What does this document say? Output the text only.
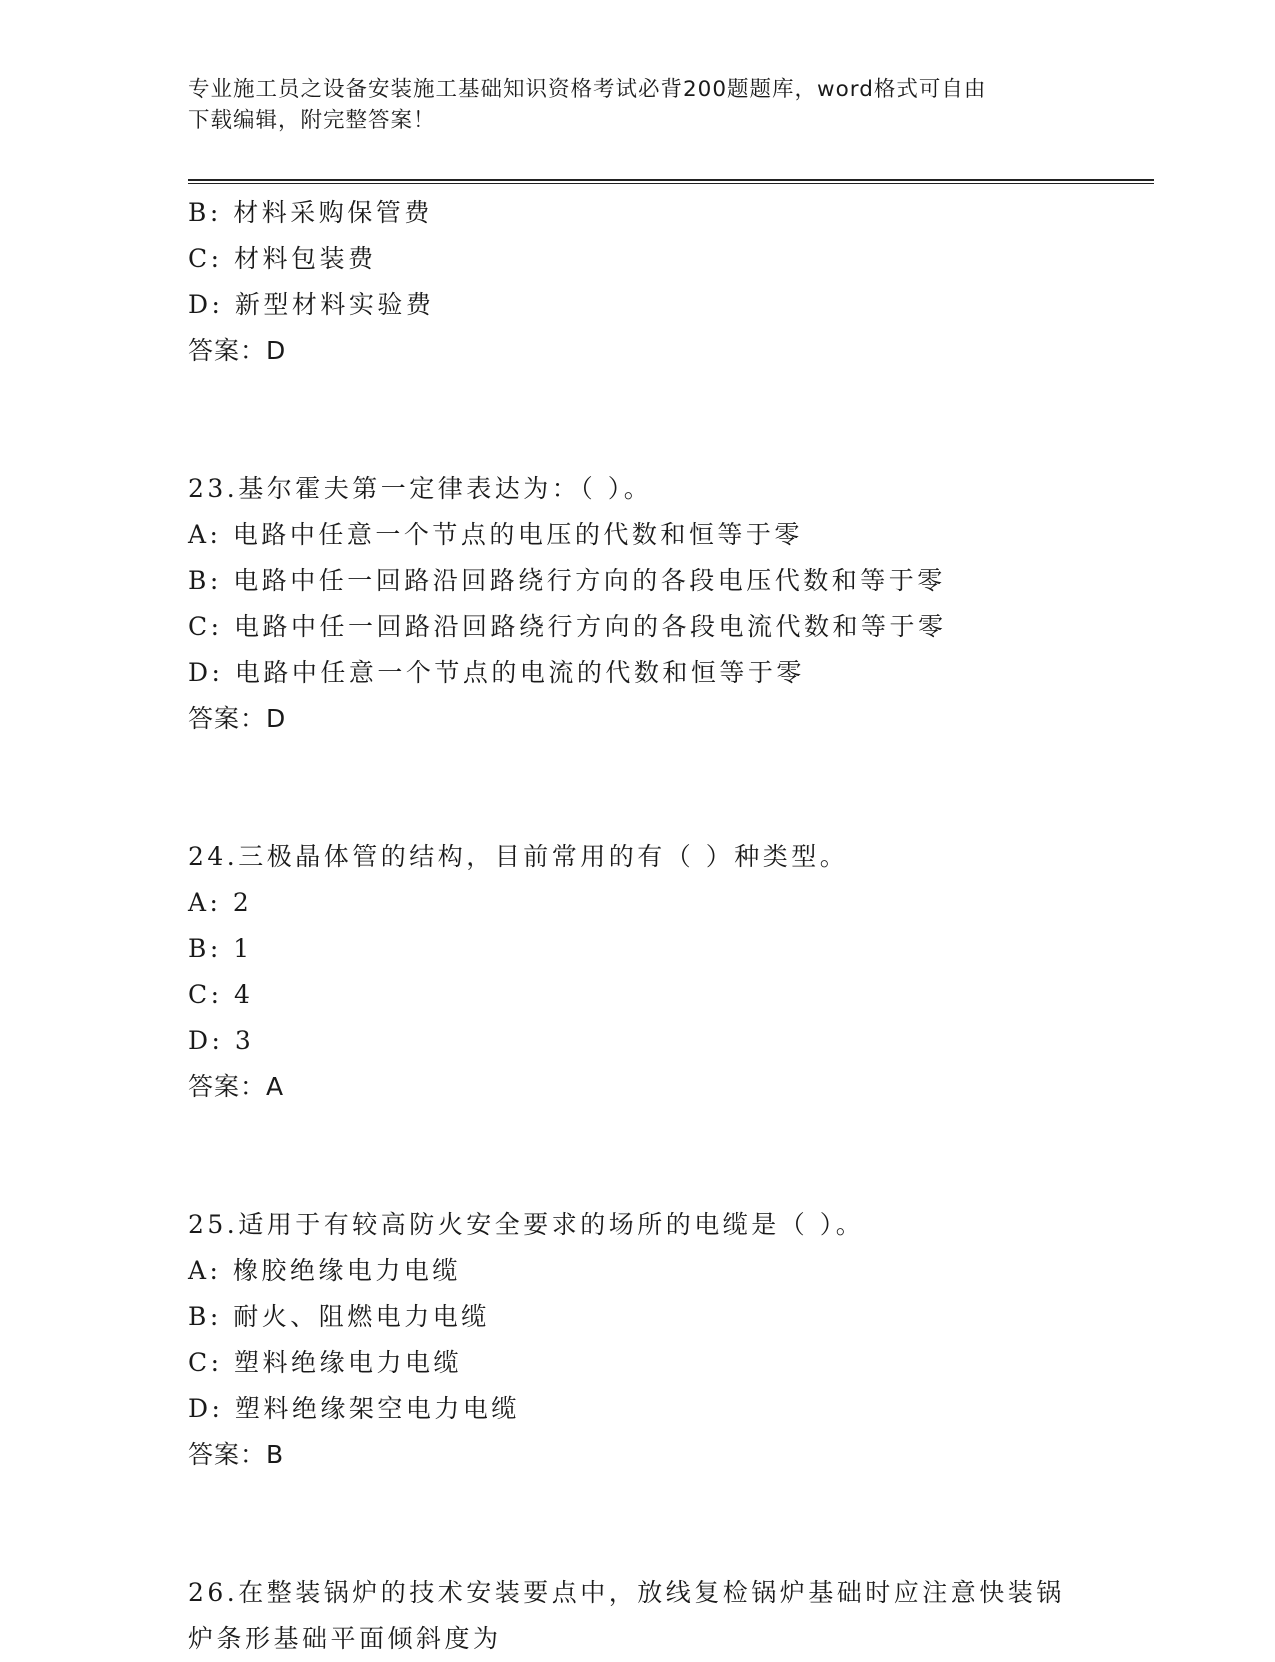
专业施工员之设备安装施工基础知识资格考试必背200题题库，word格式可自由
下载编辑，附完整答案！
B: 材料采购保管费
C: 材料包装费
D: 新型材料实验费
答案：D
23.基尔霍夫第一定律表达为：（ ）。
A: 电路中任意一个节点的电压的代数和恒等于零
B: 电路中任一回路沿回路绕行方向的各段电压代数和等于零
C: 电路中任一回路沿回路绕行方向的各段电流代数和等于零
D: 电路中任意一个节点的电流的代数和恒等于零
答案：D
24.三极晶体管的结构，目前常用的有（ ）种类型。
A: 2
B: 1
C: 4
D: 3
答案：A
25.适用于有较高防火安全要求的场所的电缆是（ ）。
A: 橡胶绝缘电力电缆
B: 耐火、阻燃电力电缆
C: 塑料绝缘电力电缆
D: 塑料绝缘架空电力电缆
答案：B
26.在整装锅炉的技术安装要点中，放线复检锅炉基础时应注意快装锅
炉条形基础平面倾斜度为
